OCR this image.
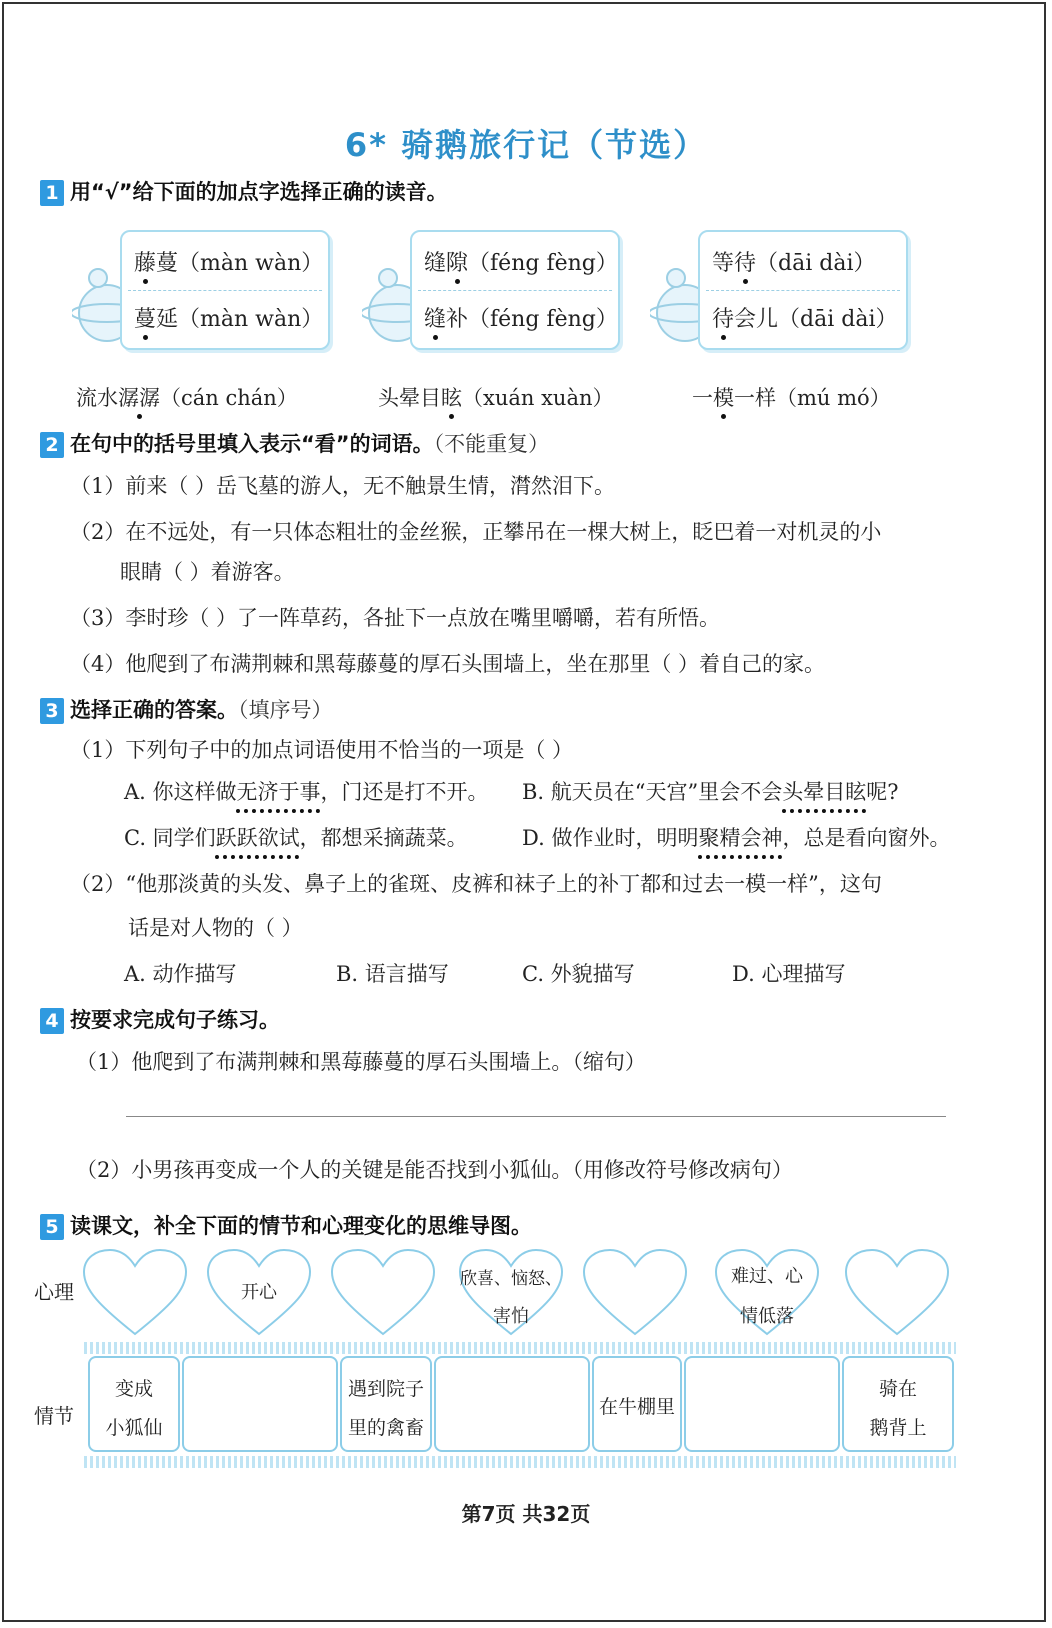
6* 骑鹅旅行记（节选）
1 用“√”给下面的加点字选择正确的读音。
藤蔓（màn wàn）
蔓延（màn wàn）
缝隙（féng fèng）
缝补（féng fèng）
等待（dāi dài）
待会儿（dāi dài）
流水潺潺（cán chán）	头晕目眩（xuán xuàn）	一模一样（mú mó）
2 在句中的括号里填入表示“看”的词语。（不能重复）
（1）前来（ ）岳飞墓的游人，无不触景生情，潸然泪下。
（2）在不远处，有一只体态粗壮的金丝猴，正攀吊在一棵大树上，眨巴着一对机灵的小
眼睛（ ）着游客。
（3）李时珍（ ）了一阵草药，各扯下一点放在嘴里嚼嚼，若有所悟。
（4）他爬到了布满荆棘和黑莓藤蔓的厚石头围墙上，坐在那里（ ）着自己的家。
3 选择正确的答案。（填序号）
（1）下列句子中的加点词语使用不恰当的一项是（ ）
A. 你这样做无济于事，门还是打不开。 B. 航天员在“天宫”里会不会头晕目眩呢?
C. 同学们跃跃欲试，都想采摘蔬菜。	D. 做作业时，明明聚精会神，总是看向窗外。
（2）“他那淡黄的头发、鼻子上的雀斑、皮裤和袜子上的补丁都和过去一模一样”，这句
话是对人物的（ ）
A. 动作描写	B. 语言描写	C. 外貌描写	D. 心理描写
4 按要求完成句子练习。
（1）他爬到了布满荆棘和黑莓藤蔓的厚石头围墙上。（缩句）
（2）小男孩再变成一个人的关键是能否找到小狐仙。（用修改符号修改病句）
5 读课文，补全下面的情节和心理变化的思维导图。
心理
情节
开心
欣喜、恼怒、
害怕
难过、心
情低落
变成
小狐仙
遇到院子
里的禽畜
在牛棚里
骑在
鹅背上
第7页 共32页
